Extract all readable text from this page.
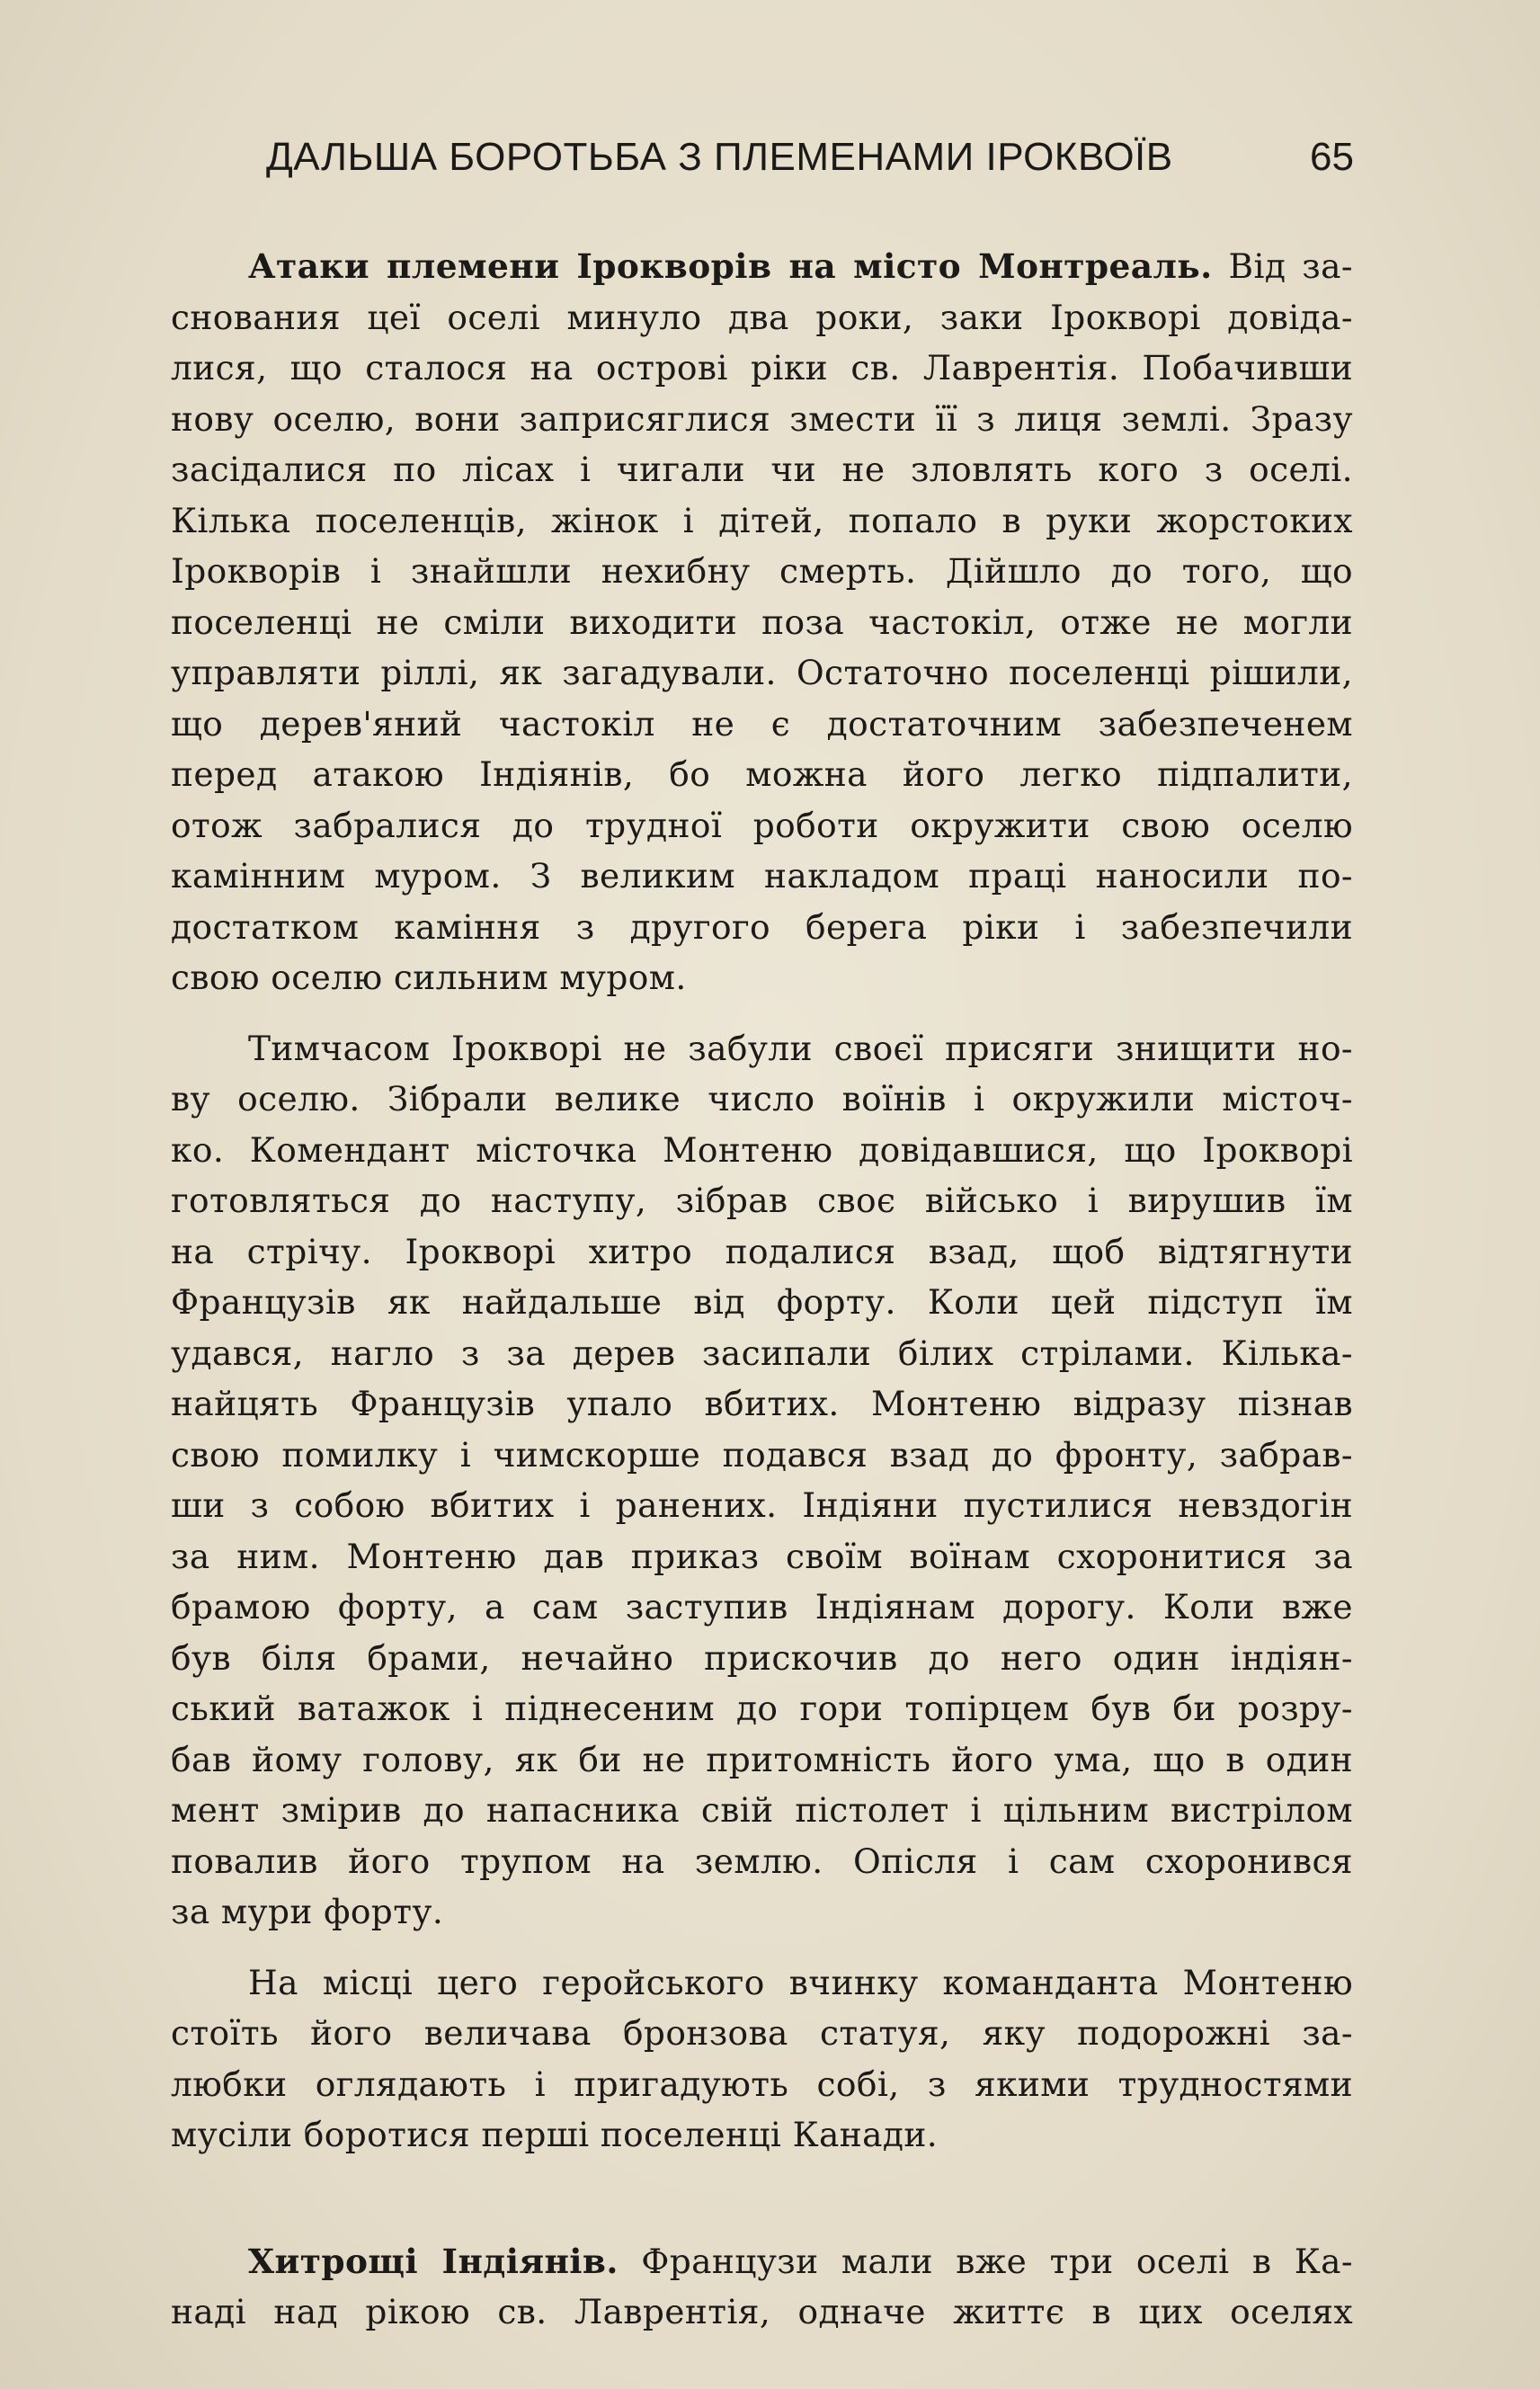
ДАЛЬША БОРОТЬБА З ПЛЕМЕНАМИ ІРОКВОЇВ	65
Атаки племени Ірокворів на місто Монтреаль. Від за-
снования цеї оселі минуло два роки, заки Ірокворі довіда-
лися, що сталося на острові ріки св. Лаврентія. Побачивши
нову оселю, вони заприсяглися змести її з лиця землі. Зразу
засідалися по лісах і чигали чи не зловлять кого з оселі.
Кілька поселенців, жінок і дітей, попало в руки жорстоких
Ірокворів і знайшли нехибну смерть. Дійшло до того, що
поселенці не сміли виходити поза частокіл, отже не могли
управляти ріллі, як загадували. Остаточно поселенці рішили,
що дерев'яний частокіл не є достаточним забезпеченем
перед атакою Індіянів, бо можна його легко підпалити,
отож забралися до трудної роботи окружити свою оселю
камінним муром. З великим накладом праці наносили по-
достатком каміння з другого берега ріки і забезпечили
свою оселю сильним муром.
Тимчасом Ірокворі не забули своєї присяги знищити но-
ву оселю. Зібрали велике число воїнів і окружили місточ-
ко. Комендант місточка Монтеню довідавшися, що Ірокворі
готовляться до наступу, зібрав своє військо і вирушив їм
на стрічу. Ірокворі хитро подалися взад, щоб відтягнути
Французів як найдальше від форту. Коли цей підступ їм
удався, нагло з за дерев засипали білих стрілами. Кілька-
найцять Французів упало вбитих. Монтеню відразу пізнав
свою помилку і чимскорше подався взад до фронту, забрав-
ши з собою вбитих і ранених. Індіяни пустилися невздогін
за ним. Монтеню дав приказ своїм воїнам схоронитися за
брамою форту, а сам заступив Індіянам дорогу. Коли вже
був біля брами, нечайно прискочив до него один індіян-
ський ватажок і піднесеним до гори топірцем був би розру-
бав йому голову, як би не притомність його ума, що в один
мент змірив до напасника свій пістолет і цільним вистрілом
повалив його трупом на землю. Опісля і сам схоронився
за мури форту.
На місці цего геройського вчинку команданта Монтеню
стоїть його величава бронзова статуя, яку подорожні за-
любки оглядають і пригадують собі, з якими трудностями
мусіли боротися перші поселенці Канади.
Хитрощі Індіянів. Французи мали вже три оселі в Ка-
наді над рікою св. Лаврентія, одначе життє в цих оселях
